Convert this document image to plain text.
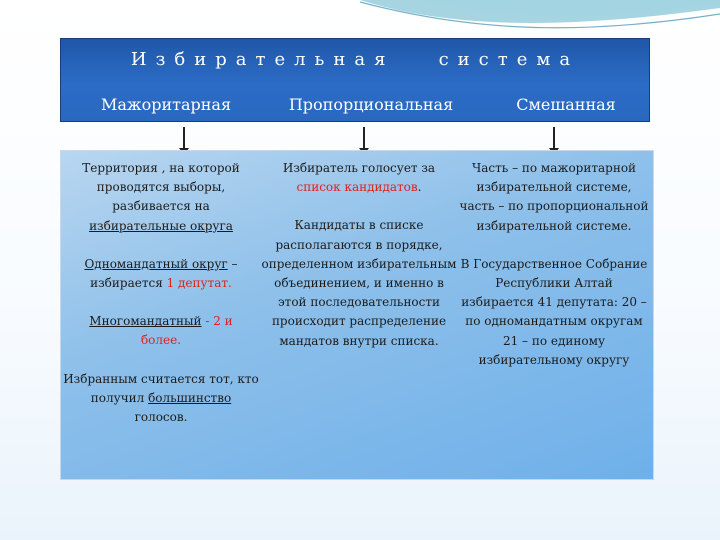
Избирательная   система
Мажоритарная	Пропорциональная	Смешанная

Территория , на которой проводятся выборы, разбивается на избирательные округа

Одномандатный округ – избирается 1 депутат.

Многомандатный - 2 и
более.

Избранным считается тот, кто получил большинство голосов.

Избиратель голосует за список кандидатов.

Кандидаты в списке располагаются в порядке, определенном избирательным объединением, и именно в этой последовательности происходит распределение мандатов внутри списка.

Часть – по мажоритарной избирательной системе, часть – по пропорциональной избирательной системе.

В Государственное Собрание Республики Алтай избирается 41 депутата: 20 – по одномандатным округам 21 – по единому избирательному округу
